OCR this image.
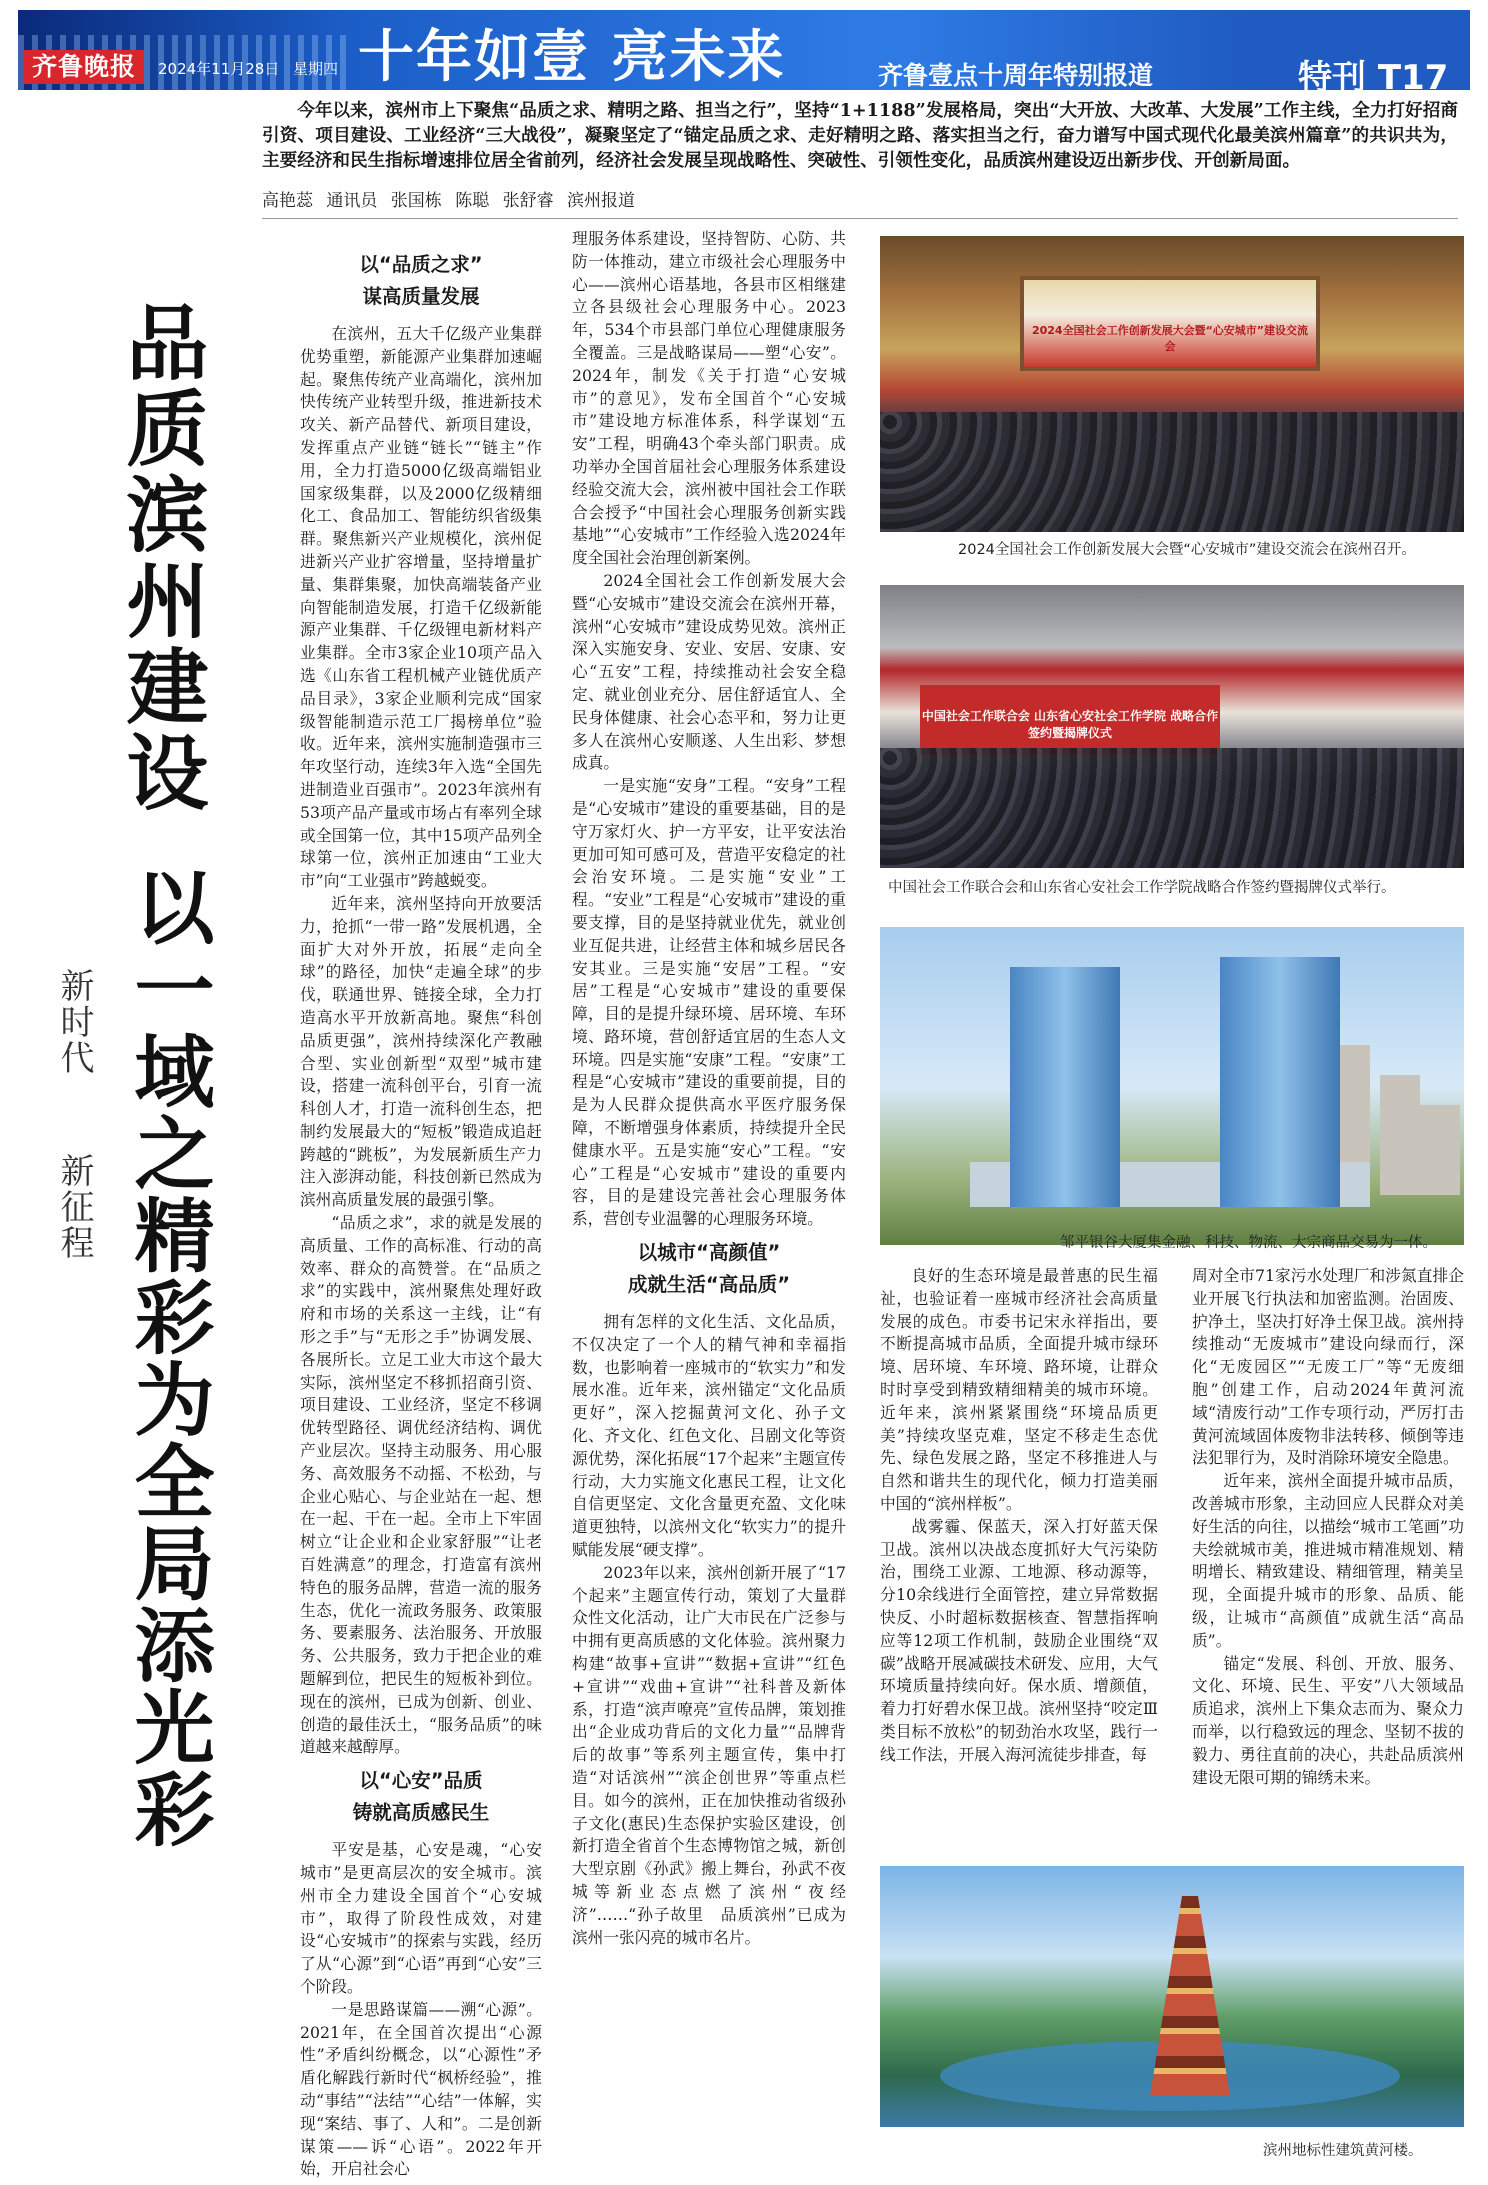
齐鲁晚报	2024年11月28日 星期四 十年如壹 亮未来	齐鲁壹点十周年特别报道	特刊 T17

今年以来，滨州市上下聚焦“品质之求、精明之路、担当之行”，坚持“1+1188”发展格局，突出“大开放、大改革、大发展”工作主线，全力打好招商引资、项目建设、工业经济“三大战役”，凝聚坚定了“锚定品质之求、走好精明之路、落实担当之行，奋力谱写中国式现代化最美滨州篇章”的共识共为，主要经济和民生指标增速排位居全省前列，经济社会发展呈现战略性、突破性、引领性变化，品质滨州建设迈出新步伐、开创新局面。

高艳蕊 通讯员 张国栋 陈聪 张舒睿 滨州报道
品质滨州建设
以一域之精彩为全局添光彩
新时代
新征程
以“品质之求”
谋高质量发展

在滨州，五大千亿级产业集群优势重塑，新能源产业集群加速崛起。聚焦传统产业高端化，滨州加快传统产业转型升级，推进新技术攻关、新产品替代、新项目建设，发挥重点产业链“链长”“链主”作用，全力打造5000亿级高端铝业国家级集群，以及2000亿级精细化工、食品加工、智能纺织省级集群。聚焦新兴产业规模化，滨州促进新兴产业扩容增量，坚持增量扩量、集群集聚，加快高端装备产业向智能制造发展，打造千亿级新能源产业集群、千亿级锂电新材料产业集群。全市3家企业10项产品入选《山东省工程机械产业链优质产品目录》，3家企业顺利完成“国家级智能制造示范工厂揭榜单位”验收。近年来，滨州实施制造强市三年攻坚行动，连续3年入选“全国先进制造业百强市”。2023年滨州有53项产品产量或市场占有率列全球或全国第一位，其中15项产品列全球第一位，滨州正加速由“工业大市”向“工业强市”跨越蜕变。

近年来，滨州坚持向开放要活力，抢抓“一带一路”发展机遇，全面扩大对外开放，拓展“走向全球”的路径，加快“走遍全球”的步伐，联通世界、链接全球，全力打造高水平开放新高地。聚焦“科创品质更强”，滨州持续深化产教融合型、实业创新型“双型”城市建设，搭建一流科创平台，引育一流科创人才，打造一流科创生态，把制约发展最大的“短板”锻造成追赶跨越的“跳板”，为发展新质生产力注入澎湃动能，科技创新已然成为滨州高质量发展的最强引擎。

“品质之求”，求的就是发展的高质量、工作的高标准、行动的高效率、群众的高赞誉。在“品质之求”的实践中，滨州聚焦处理好政府和市场的关系这一主线，让“有形之手”与“无形之手”协调发展、各展所长。立足工业大市这个最大实际，滨州坚定不移抓招商引资、项目建设、工业经济，坚定不移调优转型路径、调优经济结构、调优产业层次。坚持主动服务、用心服务、高效服务不动摇、不松劲，与企业心贴心、与企业站在一起、想在一起、干在一起。全市上下牢固树立“让企业和企业家舒服”“让老百姓满意”的理念，打造富有滨州特色的服务品牌，营造一流的服务生态，优化一流政务服务、政策服务、要素服务、法治服务、开放服务、公共服务，致力于把企业的难题解到位，把民生的短板补到位。现在的滨州，已成为创新、创业、创造的最佳沃土，“服务品质”的味道越来越醇厚。

以“心安”品质
铸就高质感民生

平安是基，心安是魂，“心安城市”是更高层次的安全城市。滨州市全力建设全国首个“心安城市”，取得了阶段性成效，对建设“心安城市”的探索与实践，经历了从“心源”到“心语”再到“心安”三个阶段。

一是思路谋篇——溯“心源”。2021年，在全国首次提出“心源性”矛盾纠纷概念，以“心源性”矛盾化解践行新时代“枫桥经验”，推动“事结”“法结”“心结”一体解，实现“案结、事了、人和”。二是创新谋策——诉“心语”。2022年开始，开启社会心

理服务体系建设，坚持智防、心防、共防一体推动，建立市级社会心理服务中心——滨州心语基地，各县市区相继建立各县级社会心理服务中心。2023年，534个市县部门单位心理健康服务全覆盖。三是战略谋局——塑“心安”。2024年，制发《关于打造“心安城市”的意见》，发布全国首个“心安城市”建设地方标准体系，科学谋划“五安”工程，明确43个牵头部门职责。成功举办全国首届社会心理服务体系建设经验交流大会，滨州被中国社会工作联合会授予“中国社会心理服务创新实践基地”“心安城市”工作经验入选2024年度全国社会治理创新案例。

2024全国社会工作创新发展大会暨“心安城市”建设交流会在滨州开幕，滨州“心安城市”建设成势见效。滨州正深入实施安身、安业、安居、安康、安心“五安”工程，持续推动社会安全稳定、就业创业充分、居住舒适宜人、全民身体健康、社会心态平和，努力让更多人在滨州心安顺遂、人生出彩、梦想成真。

一是实施“安身”工程。“安身”工程是“心安城市”建设的重要基础，目的是守万家灯火、护一方平安，让平安法治更加可知可感可及，营造平安稳定的社会治安环境。二是实施“安业”工程。“安业”工程是“心安城市”建设的重要支撑，目的是坚持就业优先，就业创业互促共进，让经营主体和城乡居民各安其业。三是实施“安居”工程。“安居”工程是“心安城市”建设的重要保障，目的是提升绿环境、居环境、车环境、路环境，营创舒适宜居的生态人文环境。四是实施“安康”工程。“安康”工程是“心安城市”建设的重要前提，目的是为人民群众提供高水平医疗服务保障，不断增强身体素质，持续提升全民健康水平。五是实施“安心”工程。“安心”工程是“心安城市”建设的重要内容，目的是建设完善社会心理服务体系，营创专业温馨的心理服务环境。

以城市“高颜值”
成就生活“高品质”

拥有怎样的文化生活、文化品质，不仅决定了一个人的精气神和幸福指数，也影响着一座城市的“软实力”和发展水准。近年来，滨州锚定“文化品质更好”，深入挖掘黄河文化、孙子文化、齐文化、红色文化、吕剧文化等资源优势，深化拓展“17个起来”主题宣传行动，大力实施文化惠民工程，让文化自信更坚定、文化含量更充盈、文化味道更独特，以滨州文化“软实力”的提升赋能发展“硬支撑”。

2023年以来，滨州创新开展了“17个起来”主题宣传行动，策划了大量群众性文化活动，让广大市民在广泛参与中拥有更高质感的文化体验。滨州聚力构建“故事+宣讲”“数据+宣讲”“红色+宣讲”“戏曲+宣讲”“社科普及新体系，打造“滨声嘹亮”宣传品牌，策划推出“企业成功背后的文化力量”“品牌背后的故事”等系列主题宣传，集中打造“对话滨州”“滨企创世界”等重点栏目。如今的滨州，正在加快推动省级孙子文化(惠民)生态保护实验区建设，创新打造全省首个生态博物馆之城，新创大型京剧《孙武》搬上舞台，孙武不夜城等新业态点燃了滨州“夜经济”……“孙子故里　品质滨州”已成为滨州一张闪亮的城市名片。

2024全国社会工作创新发展大会暨“心安城市”建设交流会
2024全国社会工作创新发展大会暨“心安城市”建设交流会在滨州召开。
中国社会工作联合会 山东省心安社会工作学院 战略合作签约暨揭牌仪式
中国社会工作联合会和山东省心安社会工作学院战略合作签约暨揭牌仪式举行。
邹平银谷大厦集金融、科技、物流、大宗商品交易为一体。

良好的生态环境是最普惠的民生福祉，也验证着一座城市经济社会高质量发展的成色。市委书记宋永祥指出，要不断提高城市品质，全面提升城市绿环境、居环境、车环境、路环境，让群众时时享受到精致精细精美的城市环境。近年来，滨州紧紧围绕“环境品质更美”持续攻坚克难，坚定不移走生态优先、绿色发展之路，坚定不移推进人与自然和谐共生的现代化，倾力打造美丽中国的“滨州样板”。

战雾霾、保蓝天，深入打好蓝天保卫战。滨州以决战态度抓好大气污染防治，围绕工业源、工地源、移动源等，分10余线进行全面管控，建立异常数据快反、小时超标数据核查、智慧指挥响应等12项工作机制，鼓励企业围绕“双碳”战略开展减碳技术研发、应用，大气环境质量持续向好。保水质、增颜值，着力打好碧水保卫战。滨州坚持“咬定Ⅲ类目标不放松”的韧劲治水攻坚，践行一线工作法，开展入海河流徒步排查，每

周对全市71家污水处理厂和涉氮直排企业开展飞行执法和加密监测。治固废、护净土，坚决打好净土保卫战。滨州持续推动“无废城市”建设向绿而行，深化“无废园区”“无废工厂”等“无废细胞”创建工作，启动2024年黄河流域“清废行动”工作专项行动，严厉打击黄河流域固体废物非法转移、倾倒等违法犯罪行为，及时消除环境安全隐患。

近年来，滨州全面提升城市品质，改善城市形象，主动回应人民群众对美好生活的向往，以描绘“城市工笔画”功夫绘就城市美，推进城市精准规划、精明增长、精致建设、精细管理，精美呈现，全面提升城市的形象、品质、能级，让城市“高颜值”成就生活“高品质”。

锚定“发展、科创、开放、服务、文化、环境、民生、平安”八大领域品质追求，滨州上下集众志而为、聚众力而举，以行稳致远的理念、坚韧不拔的毅力、勇往直前的决心，共赴品质滨州建设无限可期的锦绣未来。

滨州地标性建筑黄河楼。
